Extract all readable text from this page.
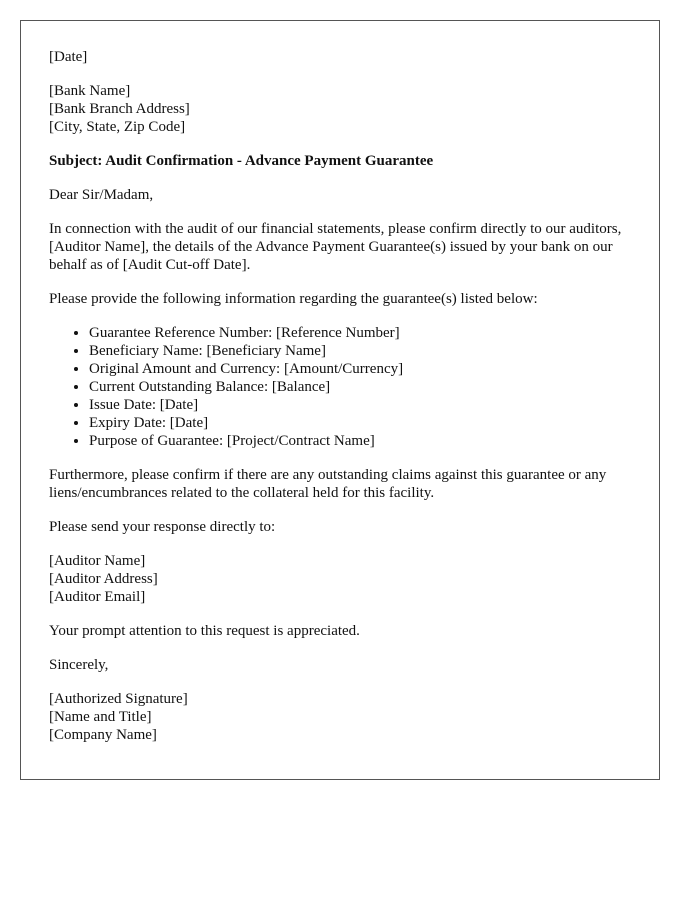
[Date]
[Bank Name]
[Bank Branch Address]
[City, State, Zip Code]
Subject: Audit Confirmation - Advance Payment Guarantee
Dear Sir/Madam,
In connection with the audit of our financial statements, please confirm directly to our auditors, [Auditor Name], the details of the Advance Payment Guarantee(s) issued by your bank on our behalf as of [Audit Cut-off Date].
Please provide the following information regarding the guarantee(s) listed below:
• Guarantee Reference Number: [Reference Number]
• Beneficiary Name: [Beneficiary Name]
• Original Amount and Currency: [Amount/Currency]
• Current Outstanding Balance: [Balance]
• Issue Date: [Date]
• Expiry Date: [Date]
• Purpose of Guarantee: [Project/Contract Name]
Furthermore, please confirm if there are any outstanding claims against this guarantee or any liens/encumbrances related to the collateral held for this facility.
Please send your response directly to:
[Auditor Name]
[Auditor Address]
[Auditor Email]
Your prompt attention to this request is appreciated.
Sincerely,
[Authorized Signature]
[Name and Title]
[Company Name]
